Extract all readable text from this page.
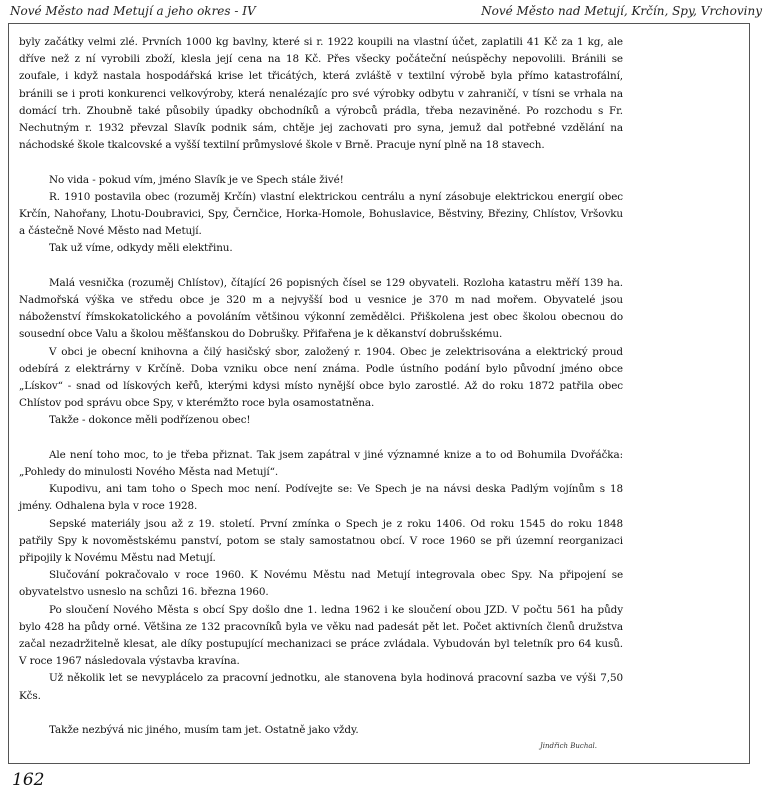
Nové Město nad Metují a jeho okres - IV	Nové Město nad Metují, Krčín, Spy, Vrchoviny

byly začátky velmi zlé. Prvních 1000 kg bavlny, které si r. 1922 koupili na vlastní účet, zaplatili 41 Kč za 1 kg, ale dříve než z ní vyrobili zboží, klesla její cena na 18 Kč. Přes všecky počáteční neúspěchy nepovolili. Bránili se zoufale, i když nastala hospodářská krise let třicátých, která zvláště v textilní výrobě byla přímo katastrofální, bránili se i proti konkurenci velkovýroby, která nenalézajíc pro své výrobky odbytu v zahraničí, v tísni se vrhala na domácí trh. Zhoubně také působily úpadky obchodníků a výrobců prádla, třeba nezaviněné. Po rozchodu s Fr. Nechutným r. 1932 převzal Slavík podnik sám, chtěje jej zachovati pro syna, jemuž dal potřebné vzdělání na náchodské škole tkalcovské a vyšší textilní průmyslové škole v Brně. Pracuje nyní plně na 18 stavech.

No vida - pokud vím, jméno Slavík je ve Spech stále živé!

R. 1910 postavila obec (rozuměj Krčín) vlastní elektrickou centrálu a nyní zásobuje elektrickou energií obec Krčín, Nahořany, Lhotu-Doubravici, Spy, Černčice, Horka-Homole, Bohuslavice, Běstviny, Březiny, Chlístov, Vršovku a částečně Nové Město nad Metují.

Tak už víme, odkydy měli elektřinu.

Malá vesnička (rozuměj Chlístov), čítající 26 popisných čísel se 129 obyvateli. Rozloha katastru měří 139 ha. Nadmořská výška ve středu obce je 320 m a nejvyšší bod u vesnice je 370 m nad mořem. Obyvatelé jsou náboženství římskokatolického a povoláním většinou výkonní zemědělci. Přiškolena jest obec školou obecnou do sousední obce Valu a školou měšťanskou do Dobrušky. Přifařena je k děkanství dobrušskému.

V obci je obecní knihovna a čilý hasičský sbor, založený r. 1904. Obec je zelektrisována a elektrický proud odebírá z elektrárny v Krčíně. Doba vzniku obce není známa. Podle ústního podání bylo původní jméno obce „Lískov“ - snad od lískových keřů, kterými kdysi místo nynější obce bylo zarostlé. Až do roku 1872 patřila obec Chlístov pod správu obce Spy, v kterémžto roce byla osamostatněna.

Takže - dokonce měli podřízenou obec!

Ale není toho moc, to je třeba přiznat. Tak jsem zapátral v jiné významné knize a to od Bohumila Dvořáčka: „Pohledy do minulosti Nového Města nad Metují“.

Kupodivu, ani tam toho o Spech moc není. Podívejte se: Ve Spech je na návsi deska Padlým vojínům s 18 jmény. Odhalena byla v roce 1928.

Sepské materiály jsou až z 19. století. První zmínka o Spech je z roku 1406. Od roku 1545 do roku 1848 patřily Spy k novoměstskému panství, potom se staly samostatnou obcí. V roce 1960 se při územní reorganizaci připojily k Novému Městu nad Metují.

Slučování pokračovalo v roce 1960. K Novému Městu nad Metují integrovala obec Spy. Na připojení se obyvatelstvo usneslo na schůzi 16. března 1960.

Po sloučení Nového Města s obcí Spy došlo dne 1. ledna 1962 i ke sloučení obou JZD. V počtu 561 ha půdy bylo 428 ha půdy orné. Většina ze 132 pracovníků byla ve věku nad padesát pět let. Počet aktivních členů družstva začal nezadržitelně klesat, ale díky postupující mechanizaci se práce zvládala. Vybudován byl teletník pro 64 kusů. V roce 1967 následovala výstavba kravína.

Už několik let se nevyplácelo za pracovní jednotku, ale stanovena byla hodinová pracovní sazba ve výši 7,50 Kčs.

Takže nezbývá nic jiného, musím tam jet. Ostatně jako vždy.

Jindřich Buchal.
162
